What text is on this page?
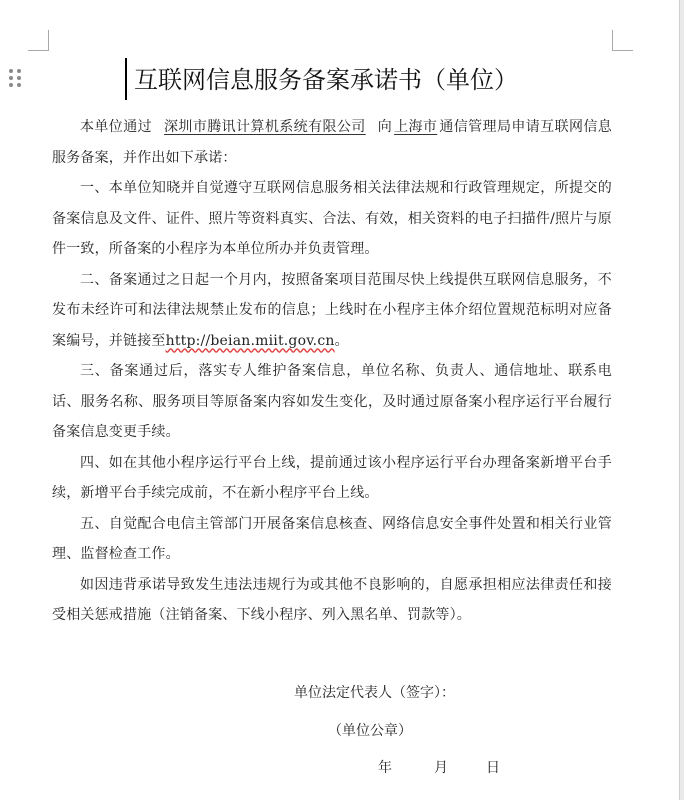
互联网信息服务备案承诺书（单位）

本单位通过 深圳市腾讯计算机系统有限公司 向 上海市 通信管理局申请互联网信息服务备案，并作出如下承诺：

一、本单位知晓并自觉遵守互联网信息服务相关法律法规和行政管理规定，所提交的备案信息及文件、证件、照片等资料真实、合法、有效，相关资料的电子扫描件/照片与原件一致，所备案的小程序为本单位所办并负责管理。

二、备案通过之日起一个月内，按照备案项目范围尽快上线提供互联网信息服务，不发布未经许可和法律法规禁止发布的信息；上线时在小程序主体介绍位置规范标明对应备案编号，并链接至http://beian.miit.gov.cn。

三、备案通过后，落实专人维护备案信息，单位名称、负责人、通信地址、联系电话、服务名称、服务项目等原备案内容如发生变化，及时通过原备案小程序运行平台履行备案信息变更手续。

四、如在其他小程序运行平台上线，提前通过该小程序运行平台办理备案新增平台手续，新增平台手续完成前，不在新小程序平台上线。

五、自觉配合电信主管部门开展备案信息核查、网络信息安全事件处置和相关行业管理、监督检查工作。

如因违背承诺导致发生违法违规行为或其他不良影响的，自愿承担相应法律责任和接受相关惩戒措施（注销备案、下线小程序、列入黑名单、罚款等）。

单位法定代表人（签字）：
（单位公章）
年	月	日
